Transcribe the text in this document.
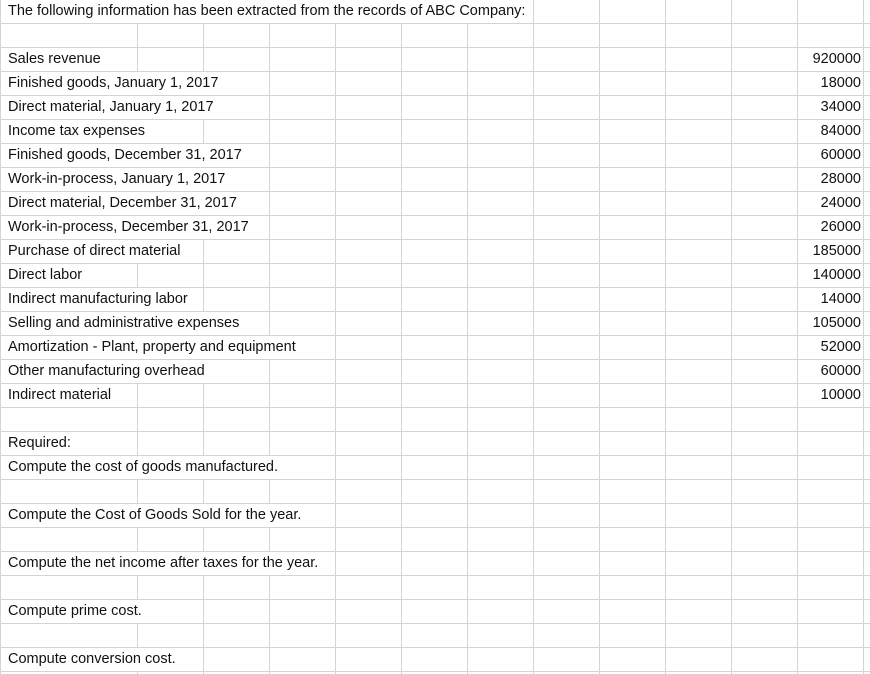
The following information has been extracted from the records of ABC Company:
Sales revenue	920000
Finished goods, January 1, 2017	18000
Direct material, January 1, 2017	34000
Income tax expenses	84000
Finished goods, December 31, 2017	60000
Work-in-process, January 1, 2017	28000
Direct material, December 31, 2017	24000
Work-in-process, December 31, 2017	26000
Purchase of direct material	185000
Direct labor	140000
Indirect manufacturing labor	14000
Selling and administrative expenses	105000
Amortization - Plant, property and equipment	52000
Other manufacturing overhead	60000
Indirect material	10000
Required:
Compute the cost of goods manufactured.
Compute the Cost of Goods Sold for the year.
Compute the net income after taxes for the year.
Compute prime cost.
Compute conversion cost.
